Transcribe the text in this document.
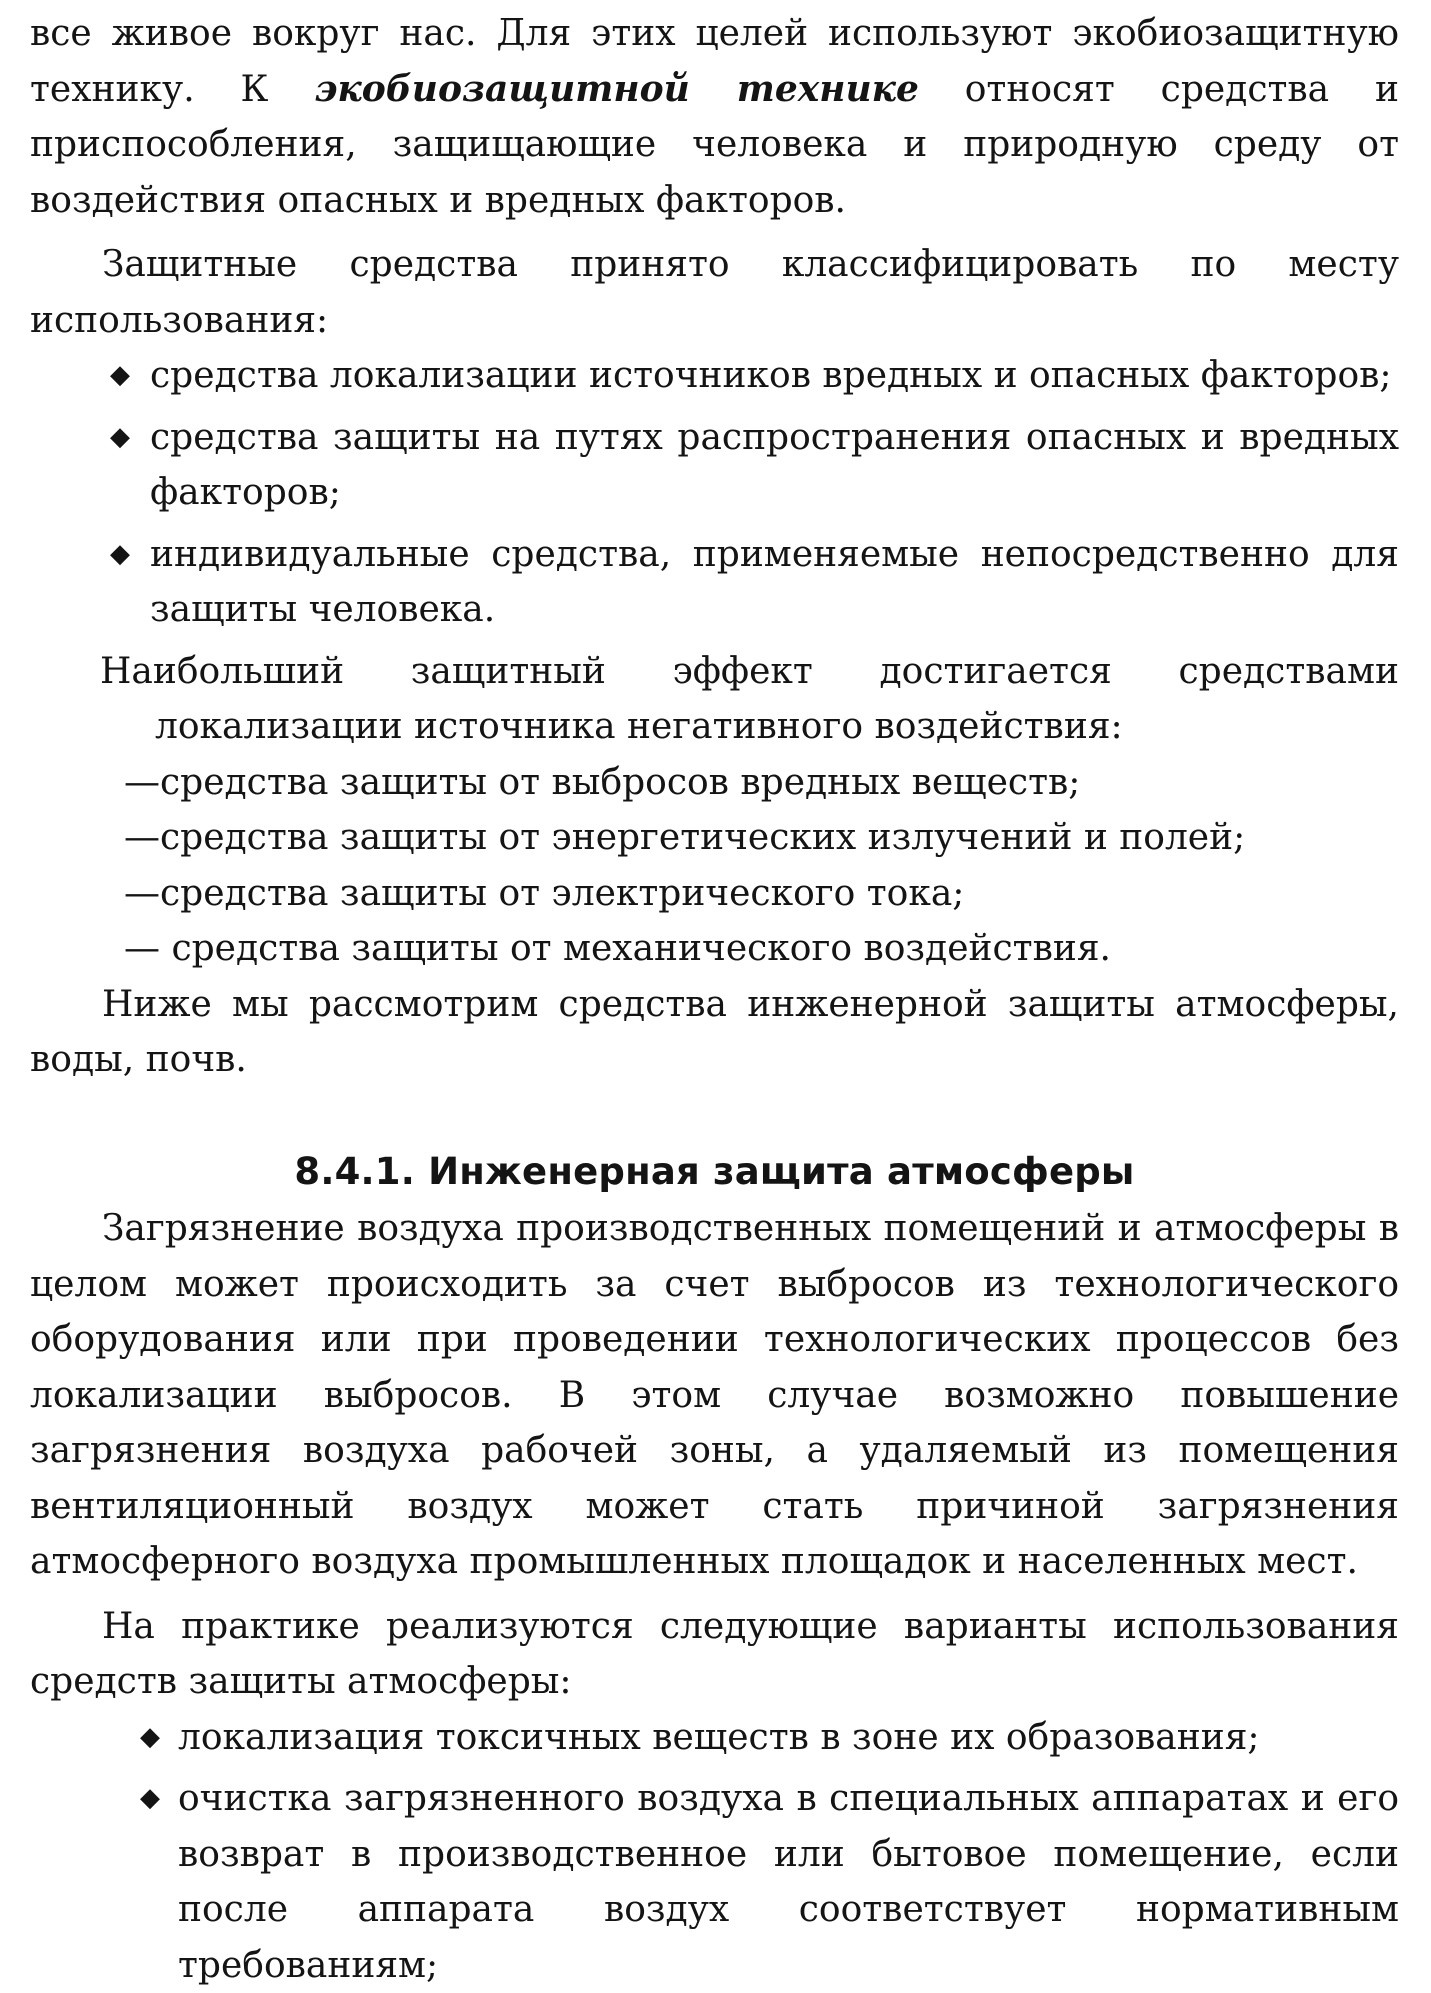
все живое вокруг нас. Для этих целей используют экобиозащитную технику. К экобиозащитной технике относят средства и приспособления, защищающие человека и природную среду от воздействия опасных и вредных факторов.

Защитные средства принято классифицировать по месту использования:

◆ средства локализации источников вредных и опасных факторов;
◆ средства защиты на путях распространения опасных и вредных факторов;
◆ индивидуальные средства, применяемые непосредственно для защиты человека.

Наибольший защитный эффект достигается средствами локализации источника негативного воздействия:

—средства защиты от выбросов вредных веществ;

—средства защиты от энергетических излучений и полей;

—средства защиты от электрического тока;

— средства защиты от механического воздействия.

Ниже мы рассмотрим средства инженерной защиты атмосферы, воды, почв.

8.4.1. Инженерная защита атмосферы

Загрязнение воздуха производственных помещений и атмосферы в целом может происходить за счет выбросов из технологического оборудования или при проведении технологических процессов без локализации выбросов. В этом случае возможно повышение загрязнения воздуха рабочей зоны, а удаляемый из помещения вентиляционный воздух может стать причиной загрязнения атмосферного воздуха промышленных площадок и населенных мест.

На практике реализуются следующие варианты использования средств защиты атмосферы:

◆ локализация токсичных веществ в зоне их образования;
◆ очистка загрязненного воздуха в специальных аппаратах и его возврат в производственное или бытовое помещение, если после аппарата воздух соответствует нормативным требованиям;
